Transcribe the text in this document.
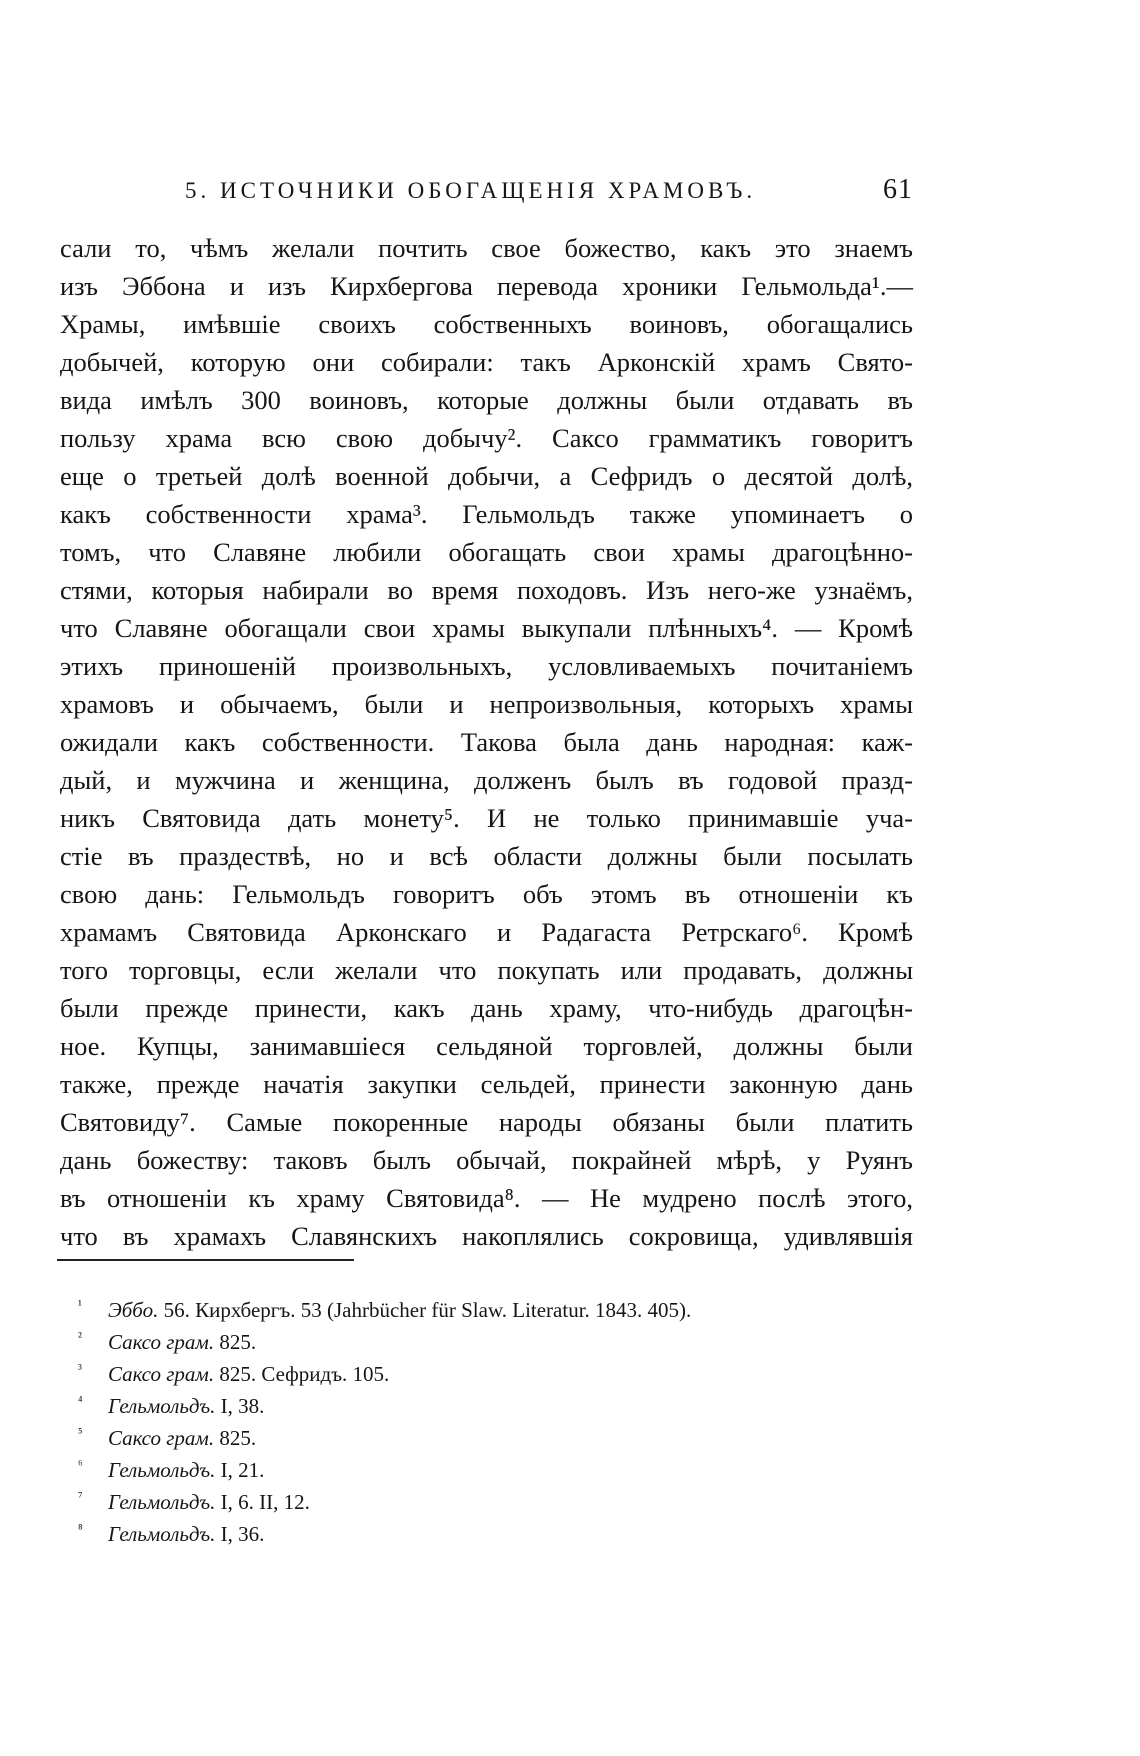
5. ИСТОЧНИКИ ОБОГАЩЕНІЯ ХРАМОВЪ.	61
сали то, чѣмъ желали почтить свое божество, какъ это знаемъ
изъ Эббона и изъ Кирхбергова перевода хроники Гельмольда¹.—
Храмы, имѣвшіе своихъ собственныхъ воиновъ, обогащались
добычей, которую они собирали: такъ Арконскій храмъ Свято-
вида имѣлъ 300 воиновъ, которые должны были отдавать въ
пользу храма всю свою добычу². Саксо грамматикъ говоритъ
еще о третьей долѣ военной добычи, а Сефридъ о десятой долѣ,
какъ собственности храма³. Гельмольдъ также упоминаетъ о
томъ, что Славяне любили обогащать свои храмы драгоцѣнно-
стями, которыя набирали во время походовъ. Изъ него-же узнаёмъ,
что Славяне обогащали свои храмы выкупали плѣнныхъ⁴. — Кромѣ
этихъ приношеній произвольныхъ, условливаемыхъ почитаніемъ
храмовъ и обычаемъ, были и непроизвольныя, которыхъ храмы
ожидали какъ собственности. Такова была дань народная: каж-
дый, и мужчина и женщина, долженъ былъ въ годовой празд-
никъ Святовида дать монету⁵. И не только принимавшіе уча-
стіе въ праздествѣ, но и всѣ области должны были посылать
свою дань: Гельмольдъ говоритъ объ этомъ въ отношеніи къ
храмамъ Святовида Арконскаго и Радагаста Ретрскаго⁶. Кромѣ
того торговцы, если желали что покупать или продавать, должны
были прежде принести, какъ дань храму, что-нибудь драгоцѣн-
ное. Купцы, занимавшіеся сельдяной торговлей, должны были
также, прежде начатія закупки сельдей, принести законную дань
Святовиду⁷. Самые покоренные народы обязаны были платить
дань божеству: таковъ былъ обычай, покрайней мѣрѣ, у Руянъ
въ отношеніи къ храму Святовида⁸. — Не мудрено послѣ этого,
что въ храмахъ Славянскихъ накоплялись сокровища, удивлявшія
¹ Эббо. 56. Кирхбергъ. 53 (Jahrbücher für Slaw. Literatur. 1843. 405).
² Саксо грам. 825.
³ Саксо грам. 825. Сефридъ. 105.
⁴ Гельмольдъ. I, 38.
⁵ Саксо грам. 825.
⁶ Гельмольдъ. I, 21.
⁷ Гельмольдъ. I, 6. II, 12.
⁸ Гельмольдъ. I, 36.
